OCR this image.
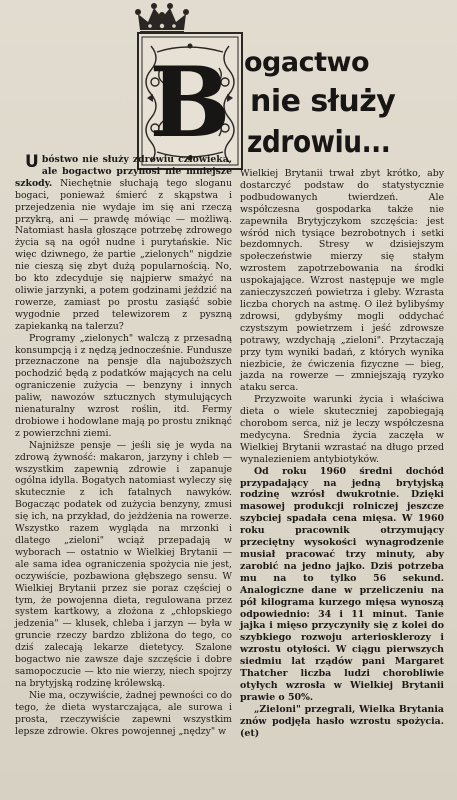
B ogactwo
nie służy
zdrowiu...

Ubóstwo nie służy zdrowiu człowieka, ale bogactwo przynosi nie mniejsze szkody. Niechętnie słuchają tego sloganu bogaci, ponieważ śmierć z skąpstwa i przejedzenia nie wydaje im się ani rzeczą przykrą, ani — prawdę mówiąc — możliwą. Natomiast hasła głoszące potrzebę zdrowego życia są na ogół nudne i purytańskie. Nic więc dziwnego, że partie „zielonych" nigdzie nie cieszą się zbyt dużą popularnością. No, bo kto zdecyduje się najpierw smażyć na oliwie jarzynki, a potem godzinami jeździć na rowerze, zamiast po prostu zasiąść sobie wygodnie przed telewizorem z pyszną zapiekanką na talerzu?

Programy „zielonych" walczą z przesadną konsumpcją i z nędzą jednocześnie. Fundusze przeznaczone na pensje dla najuboższych pochodzić będą z podatków mających na celu ograniczenie zużycia — benzyny i innych paliw, nawozów sztucznych stymulujących nienaturalny wzrost roślin, itd. Fermy drobiowe i hodowlane mają po prostu zniknąć z powierzchni ziemi.

Najniższe pensje — jeśli się je wyda na zdrową żywność: makaron, jarzyny i chleb — wszystkim zapewnią zdrowie i zapanuje ogólna idylla. Bogatych natomiast wyleczy się skutecznie z ich fatalnych nawyków. Bogacząc podatek od zużycia benzyny, zmusi się ich, na przykład, do jeżdżenia na rowerze. Wszystko razem wygląda na mrzonki i dlatego „zieloni" wciąż przepadają w wyborach — ostatnio w Wielkiej Brytanii — ale sama idea ograniczenia spożycia nie jest, oczywiście, pozbawiona głębszego sensu. W Wielkiej Brytanii przez sie poraz częściej o tym, że powojenna dieta, regulowana przez system kartkowy, a złożona z „chłopskiego jedzenia" — klusek, chleba i jarzyn — była w gruncie rzeczy bardzo zbliżona do tego, co dziś zalecają lekarze dietetycy. Szalone bogactwo nie zawsze daje szczęście i dobre samopoczucie — kto nie wierzy, niech spojrzy na brytyjską rodzinę królewską.

Nie ma, oczywiście, żadnej pewności co do tego, że dieta wystarczająca, ale surowa i prosta, rzeczywiście zapewni wszystkim lepsze zdrowie. Okres powojennej „nędzy" w

Wielkiej Brytanii trwał zbyt krótko, aby dostarczyć podstaw do statystycznie podbudowanych twierdzeń. Ale współczesna gospodarka także nie zapewniła Brytyjczykom szczęścia: jest wśród nich tysiące bezrobotnych i setki bezdomnych. Stresy w dzisiejszym społeczeństwie mierzy się stałym wzrostem zapotrzebowania na środki uspokajające. Wzrost następuje we mgle zanieczyszczeń powietrza i gleby. Wzrasta liczba chorych na astmę. O ileż bylibyśmy zdrowsi, gdybyśmy mogli oddychać czystszym powietrzem i jeść zdrowsze potrawy, wzdychają „zieloni". Przytaczają przy tym wyniki badań, z których wynika niezbicie, że ćwiczenia fizyczne — bieg, jazda na rowerze — zmniejszają ryzyko ataku serca.

Przyzwoite warunki życia i właściwa dieta o wiele skuteczniej zapobiegają chorobom serca, niż je leczy współczesna medycyna. Średnia życia zaczęła w Wielkiej Brytanii wzrastać na długo przed wynalezieniem antybiotyków.

Od roku 1960 średni dochód przypadający na jedną brytyjską rodzinę wzrósł dwukrotnie. Dzięki masowej produkcji rolniczej jeszcze szybciej spadała cena mięsa. W 1960 roku pracownik otrzymujący przeciętny wysokości wynagrodzenie musiał pracować trzy minuty, aby zarobić na jedno jajko. Dziś potrzeba mu na to tylko 56 sekund. Analogiczne dane w przeliczeniu na pół kilograma kurzego mięsa wynoszą odpowiednio: 34 i 11 minut. Tanie jajka i mięso przyczyniły się z kolei do szybkiego rozwoju arteriosklerozy i wzrostu otyłości. W ciągu pierwszych siedmiu lat rządów pani Margaret Thatcher liczba ludzi chorobliwie otyłych wzrosła w Wielkiej Brytanii prawie o 50%.

„Zieloni" przegrali, Wielka Brytania znów podjęła hasło wzrostu spożycia. (et)
